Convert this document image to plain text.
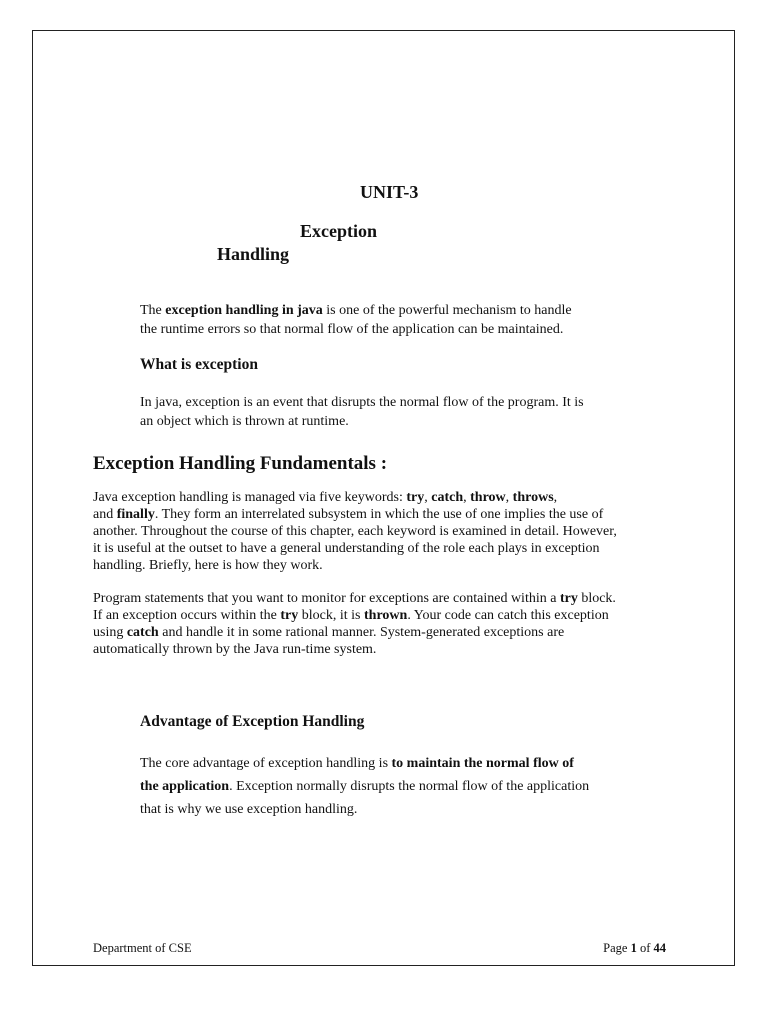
UNIT-3
Exception
Handling
The exception handling in java is one of the powerful mechanism to handle
the runtime errors so that normal flow of the application can be maintained.
What is exception
In java, exception is an event that disrupts the normal flow of the program. It is
an object which is thrown at runtime.
Exception Handling Fundamentals :
Java exception handling is managed via five keywords: try, catch, throw, throws,
and finally. They form an interrelated subsystem in which the use of one implies the use of
another. Throughout the course of this chapter, each keyword is examined in detail. However,
it is useful at the outset to have a general understanding of the role each plays in exception
handling. Briefly, here is how they work.
Program statements that you want to monitor for exceptions are contained within a try block.
If an exception occurs within the try block, it is thrown. Your code can catch this exception
using catch and handle it in some rational manner. System-generated exceptions are
automatically thrown by the Java run-time system.
Advantage of Exception Handling
The core advantage of exception handling is to maintain the normal flow of
the application. Exception normally disrupts the normal flow of the application
that is why we use exception handling.
Department of CSE	Page 1 of 44
